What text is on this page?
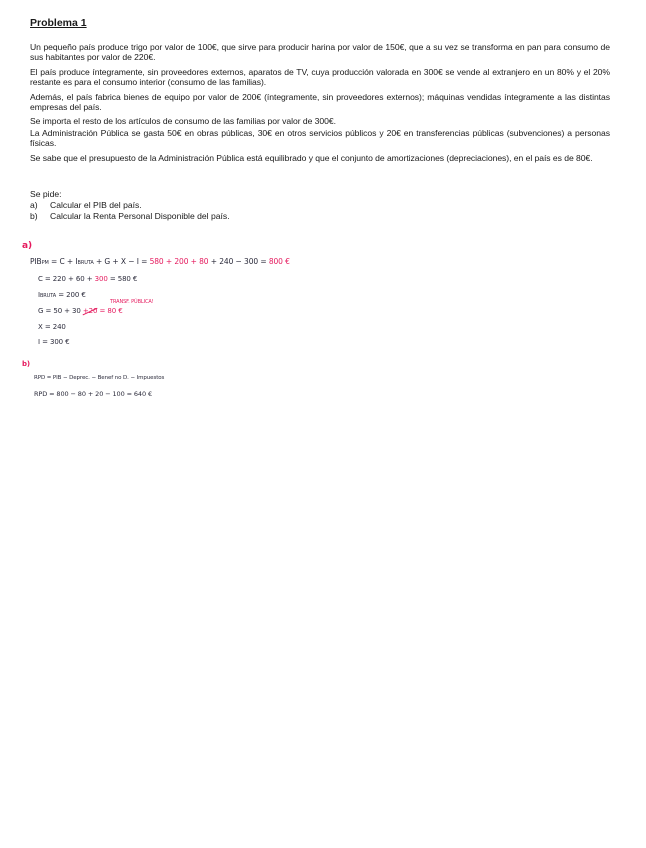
Problema 1
Un pequeño país produce trigo por valor de 100€, que sirve para producir harina por valor de 150€, que a su vez se transforma en pan para consumo de sus habitantes por valor de 220€.
El país produce íntegramente, sin proveedores externos, aparatos de TV, cuya producción valorada en 300€ se vende al extranjero en un 80% y el 20% restante es para el consumo interior (consumo de las familias).
Además, el país fabrica bienes de equipo por valor de 200€ (íntegramente, sin proveedores externos); máquinas vendidas íntegramente a las distintas empresas del país.
Se importa el resto de los artículos de consumo de las familias por valor de 300€.
La Administración Pública se gasta 50€ en obras públicas, 30€ en otros servicios públicos y 20€ en transferencias públicas (subvenciones) a personas físicas.
Se sabe que el presupuesto de la Administración Pública está equilibrado y que el conjunto de amortizaciones (depreciaciones), en el país es de 80€.
Se pide:
a) Calcular el PIB del país.
b) Calcular la Renta Personal Disponible del país.
a)
PIBPM = C + IBRUTA + G + X − I = 580 + 200 + 80 + 240 − 300 = 800 €
C = 220 + 60 + 300 = 580 €
IBRUTA = 200 €
TRANSF. PÚBLICA!
G = 50 + 30 +20 = 80 €
X = 240
I = 300 €
b)
RPD = PIB − Deprec. − Benef no D. − Impuestos
RPD = 800 − 80 + 20 − 100 = 640 €
